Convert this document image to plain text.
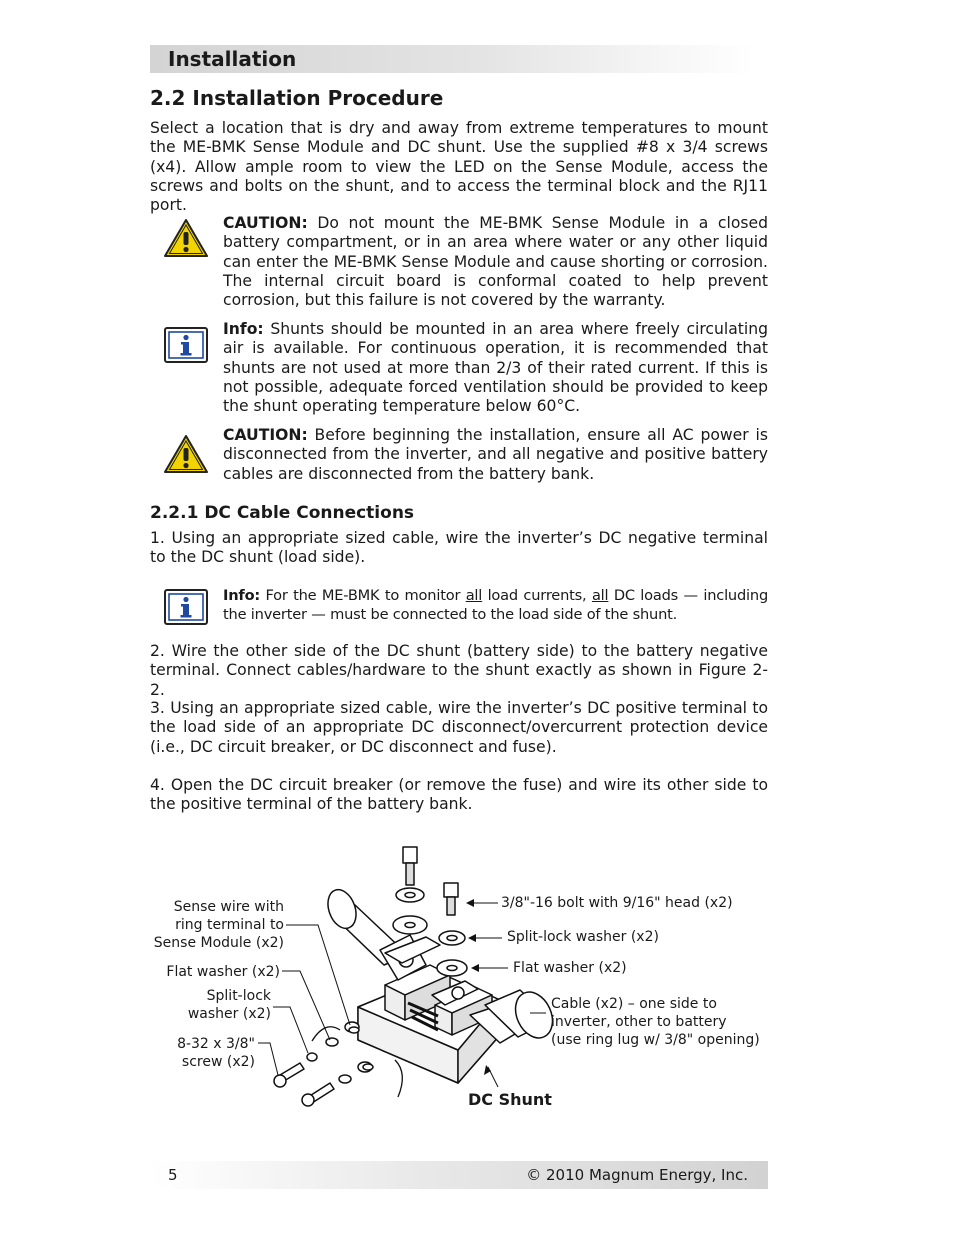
Installation
2.2 Installation Procedure

Select a location that is dry and away from extreme temperatures to mount the ME-BMK Sense Module and DC shunt. Use the supplied #8 x 3/4 screws (x4). Allow ample room to view the LED on the Sense Module, access the screws and bolts on the shunt, and to access the terminal block and the RJ11 port.

CAUTION: Do not mount the ME-BMK Sense Module in a closed battery compartment, or in an area where water or any other liquid can enter the ME-BMK Sense Module and cause shorting or corrosion. The internal circuit board is conformal coated to help prevent corrosion, but this failure is not covered by the warranty.

Info: Shunts should be mounted in an area where freely circulating air is available. For continuous operation, it is recommended that shunts are not used at more than 2/3 of their rated current. If this is not possible, adequate forced ventilation should be provided to keep the shunt operating temperature below 60°C.

CAUTION: Before beginning the installation, ensure all AC power is disconnected from the inverter, and all negative and positive battery cables are disconnected from the battery bank.

2.2.1 DC Cable Connections

1. Using an appropriate sized cable, wire the inverter’s DC negative terminal to the DC shunt (load side).

Info: For the ME-BMK to monitor all load currents, all DC loads — including the inverter — must be connected to the load side of the shunt.

2. Wire the other side of the DC shunt (battery side) to the battery negative terminal. Connect cables/hardware to the shunt exactly as shown in Figure 2-2.

3. Using an appropriate sized cable, wire the inverter’s DC positive terminal to the load side of an appropriate DC disconnect/overcurrent protection device (i.e., DC circuit breaker, or DC disconnect and fuse).

4. Open the DC circuit breaker (or remove the fuse) and wire its other side to the positive terminal of the battery bank.

Sense wire with
ring terminal to
Sense Module (x2)
Flat washer (x2)
Split-lock
washer (x2)
8-32 x 3/8"
screw (x2)
3/8"-16 bolt with 9/16" head (x2)
Split-lock washer (x2)
Flat washer (x2)
Cable (x2) – one side to
inverter, other to battery
(use ring lug w/ 3/8" opening)
DC Shunt
5	© 2010 Magnum Energy, Inc.
